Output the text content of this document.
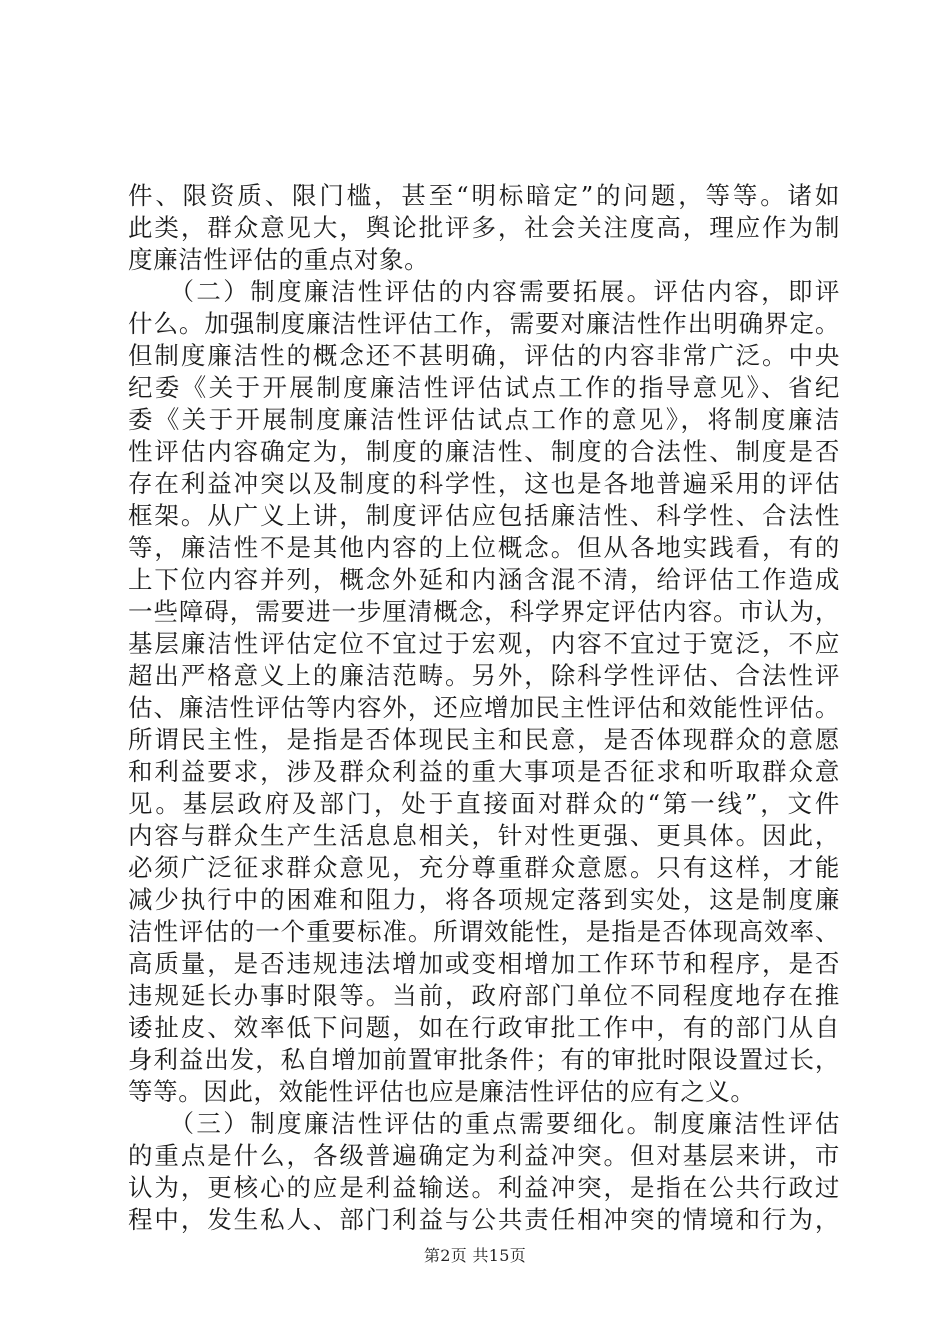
件、限资质、限门槛，甚至“明标暗定”的问题，等等。诸如
此类，群众意见大，舆论批评多，社会关注度高，理应作为制
度廉洁性评估的重点对象。
　　（二）制度廉洁性评估的内容需要拓展。评估内容，即评
什么。加强制度廉洁性评估工作，需要对廉洁性作出明确界定。
但制度廉洁性的概念还不甚明确，评估的内容非常广泛。中央
纪委《关于开展制度廉洁性评估试点工作的指导意见》、省纪
委《关于开展制度廉洁性评估试点工作的意见》，将制度廉洁
性评估内容确定为，制度的廉洁性、制度的合法性、制度是否
存在利益冲突以及制度的科学性，这也是各地普遍采用的评估
框架。从广义上讲，制度评估应包括廉洁性、科学性、合法性
等，廉洁性不是其他内容的上位概念。但从各地实践看，有的
上下位内容并列，概念外延和内涵含混不清，给评估工作造成
一些障碍，需要进一步厘清概念，科学界定评估内容。市认为，
基层廉洁性评估定位不宜过于宏观，内容不宜过于宽泛，不应
超出严格意义上的廉洁范畴。另外，除科学性评估、合法性评
估、廉洁性评估等内容外，还应增加民主性评估和效能性评估。
所谓民主性，是指是否体现民主和民意，是否体现群众的意愿
和利益要求，涉及群众利益的重大事项是否征求和听取群众意
见。基层政府及部门，处于直接面对群众的“第一线”，文件
内容与群众生产生活息息相关，针对性更强、更具体。因此，
必须广泛征求群众意见，充分尊重群众意愿。只有这样，才能
减少执行中的困难和阻力，将各项规定落到实处，这是制度廉
洁性评估的一个重要标准。所谓效能性，是指是否体现高效率、
高质量，是否违规违法增加或变相增加工作环节和程序，是否
违规延长办事时限等。当前，政府部门单位不同程度地存在推
诿扯皮、效率低下问题，如在行政审批工作中，有的部门从自
身利益出发，私自增加前置审批条件；有的审批时限设置过长，
等等。因此，效能性评估也应是廉洁性评估的应有之义。
　　（三）制度廉洁性评估的重点需要细化。制度廉洁性评估
的重点是什么，各级普遍确定为利益冲突。但对基层来讲，市
认为，更核心的应是利益输送。利益冲突，是指在公共行政过
程中，发生私人、部门利益与公共责任相冲突的情境和行为，
第2页 共15页
